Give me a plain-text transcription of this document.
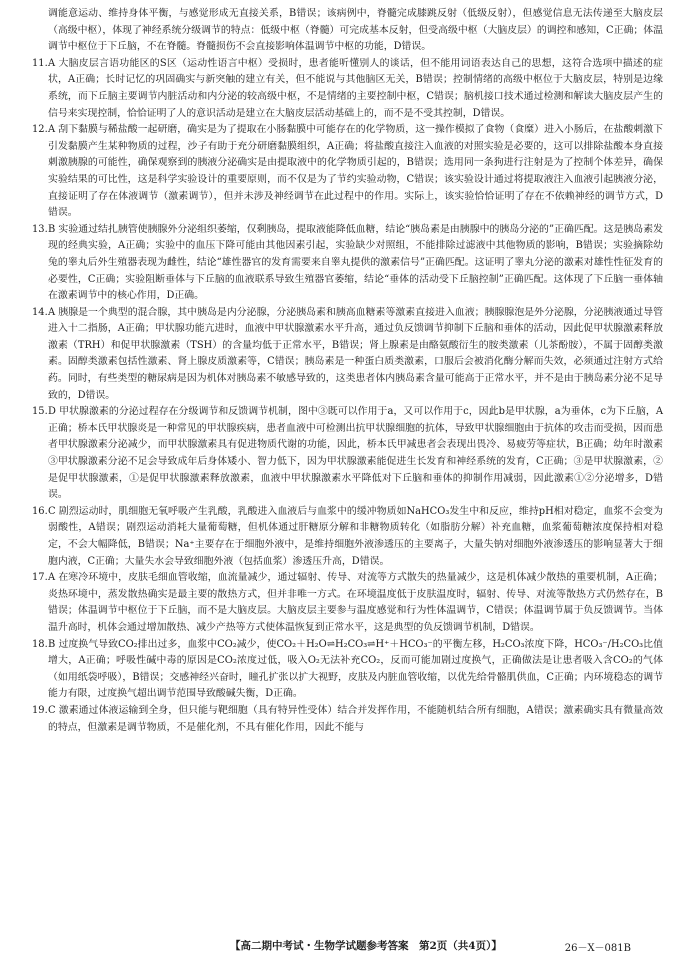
调能意运动、维持身体平衡，与感觉形成无直接关系，B错误；该病例中，脊髓完成膝跳反射（低级反射），但感觉信息无法传递至大脑皮层（高级中枢），体现了神经系统分级调节的特点：低级中枢（脊髓）可完成基本反射，但受高级中枢（大脑皮层）的调控和感知，C正确；体温调节中枢位于下丘脑，不在脊髓。脊髓损伤不会直接影响体温调节中枢的功能，D错误。

11. A 大脑皮层言语功能区的S区（运动性语言中枢）受损时，患者能听懂别人的谈话，但不能用词语表达自己的思想，这符合选项中描述的症状，A正确；长时记忆的巩固确实与新突触的建立有关，但不能说与其他脑区无关，B错误；控制情绪的高级中枢位于大脑皮层，特别是边缘系统，而下丘脑主要调节内脏活动和内分泌的较高级中枢，不是情绪的主要控制中枢，C错误；脑机接口技术通过检测和解读大脑皮层产生的信号来实现控制，恰恰证明了人的意识活动是建立在大脑皮层活动基础上的，而不是不受其控制，D错误。

12. A 刮下黏膜与稀盐酸一起研磨，确实是为了提取在小肠黏膜中可能存在的化学物质，这一操作模拟了食物（食糜）进入小肠后，在盐酸刺激下引发黏膜产生某种物质的过程，沙子有助于充分研磨黏膜组织，A正确；将盐酸直接注入血液的对照实验是必要的，这可以排除盐酸本身直接刺激胰腺的可能性，确保观察到的胰液分泌确实是由提取液中的化学物质引起的，B错误；选用同一条狗进行注射是为了控制个体差异，确保实验结果的可比性，这是科学实验设计的重要原则，而不仅是为了节约实验动物，C错误；该实验设计通过将提取液注入血液引起胰液分泌，直接证明了存在体液调节（激素调节），但并未涉及神经调节在此过程中的作用。实际上，该实验恰恰证明了存在不依赖神经的调节方式，D错误。

13. B 实验通过结扎胰管使胰腺外分泌组织萎缩，仅剩胰岛，提取液能降低血糖，结论“胰岛素是由胰腺中的胰岛分泌的”正确匹配。这是胰岛素发现的经典实验，A正确；实验中的血压下降可能由其他因素引起，实验缺少对照组，不能排除过滤液中其他物质的影响，B错误；实验摘除幼兔的睾丸后外生殖器表现为雌性，结论“雄性器官的发育需要来自睾丸提供的激素信号”正确匹配。这证明了睾丸分泌的激素对雄性性征发育的必要性，C正确；实验阻断垂体与下丘脑的血液联系导致生殖器官萎缩，结论“垂体的活动受下丘脑控制”正确匹配。这体现了下丘脑一垂体轴在激素调节中的核心作用，D正确。

14. A 胰腺是一个典型的混合腺，其中胰岛是内分泌腺，分泌胰岛素和胰高血糖素等激素直接进入血液；胰腺腺泡是外分泌腺，分泌胰液通过导管进入十二指肠，A正确；甲状腺功能亢进时，血液中甲状腺激素水平升高，通过负反馈调节抑制下丘脑和垂体的活动，因此促甲状腺激素释放激素（TRH）和促甲状腺激素（TSH）的含量均低于正常水平，B错误；肾上腺素是由酪氨酸衍生的胺类激素（儿茶酚胺），不属于固醇类激素。固醇类激素包括性激素、肾上腺皮质激素等，C错误；胰岛素是一种蛋白质类激素，口服后会被消化酶分解而失效，必须通过注射方式给药。同时，有些类型的糖尿病是因为机体对胰岛素不敏感导致的，这类患者体内胰岛素含量可能高于正常水平，并不是由于胰岛素分泌不足导致的，D错误。

15. D 甲状腺激素的分泌过程存在分级调节和反馈调节机制，图中③既可以作用于a，又可以作用于c，因此b是甲状腺，a为垂体，c为下丘脑，A正确；桥本氏甲状腺炎是一种常见的甲状腺疾病，患者血液中可检测出抗甲状腺细胞的抗体，导致甲状腺细胞由于抗体的攻击而受损，因而患者甲状腺激素分泌减少，而甲状腺激素具有促进物质代谢的功能，因此，桥本氏甲减患者会表现出畏冷、易疲劳等症状，B正确；幼年时激素③甲状腺激素分泌不足会导致成年后身体矮小、智力低下，因为甲状腺激素能促进生长发育和神经系统的发育，C正确；③是甲状腺激素，②是促甲状腺激素，①是促甲状腺激素释放激素，血液中甲状腺激素水平降低对下丘脑和垂体的抑制作用减弱，因此激素①②分泌增多，D错误。

16. C 剧烈运动时，肌细胞无氧呼吸产生乳酸，乳酸进入血液后与血浆中的缓冲物质如NaHCO₃发生中和反应，维持pH相对稳定，血浆不会变为弱酸性，A错误；剧烈运动消耗大量葡萄糖，但机体通过肝糖原分解和非糖物质转化（如脂肪分解）补充血糖，血浆葡萄糖浓度保持相对稳定，不会大幅降低，B错误；Na⁺主要存在于细胞外液中，是维持细胞外液渗透压的主要离子，大量失钠对细胞外液渗透压的影响显著大于细胞内液，C正确；大量失水会导致细胞外液（包括血浆）渗透压升高，D错误。

17. A 在寒冷环境中，皮肤毛细血管收缩，血流量减少，通过辐射、传导、对流等方式散失的热量减少，这是机体减少散热的重要机制，A正确；炎热环境中，蒸发散热确实是最主要的散热方式，但并非唯一方式。在环境温度低于皮肤温度时，辐射、传导、对流等散热方式仍然存在，B错误；体温调节中枢位于下丘脑，而不是大脑皮层。大脑皮层主要参与温度感觉和行为性体温调节，C错误；体温调节属于负反馈调节。当体温升高时，机体会通过增加散热、减少产热等方式使体温恢复到正常水平，这是典型的负反馈调节机制，D错误。

18. B 过度换气导致CO₂排出过多，血浆中CO₂减少，使CO₂＋H₂O⇌H₂CO₃⇌H⁺＋HCO₃⁻的平衡左移，H₂CO₃浓度下降，HCO₃⁻/H₂CO₃比值增大，A正确；呼吸性碱中毒的原因是CO₂浓度过低，吸入O₂无法补充CO₂，反而可能加剧过度换气，正确做法是让患者吸入含CO₂的气体（如用纸袋呼吸），B错误；交感神经兴奋时，瞳孔扩张以扩大视野，皮肤及内脏血管收缩，以优先给骨骼肌供血，C正确；内环境稳态的调节能力有限，过度换气超出调节范围导致酸碱失衡，D正确。

19. C 激素通过体液运输到全身，但只能与靶细胞（具有特异性受体）结合并发挥作用，不能随机结合所有细胞，A错误；激素确实具有微量高效的特点，但激素是调节物质，不是催化剂，不具有催化作用，因此不能与

【高二期中考试・生物学试题参考答案　第2页（共4页）】	26－X－081B
